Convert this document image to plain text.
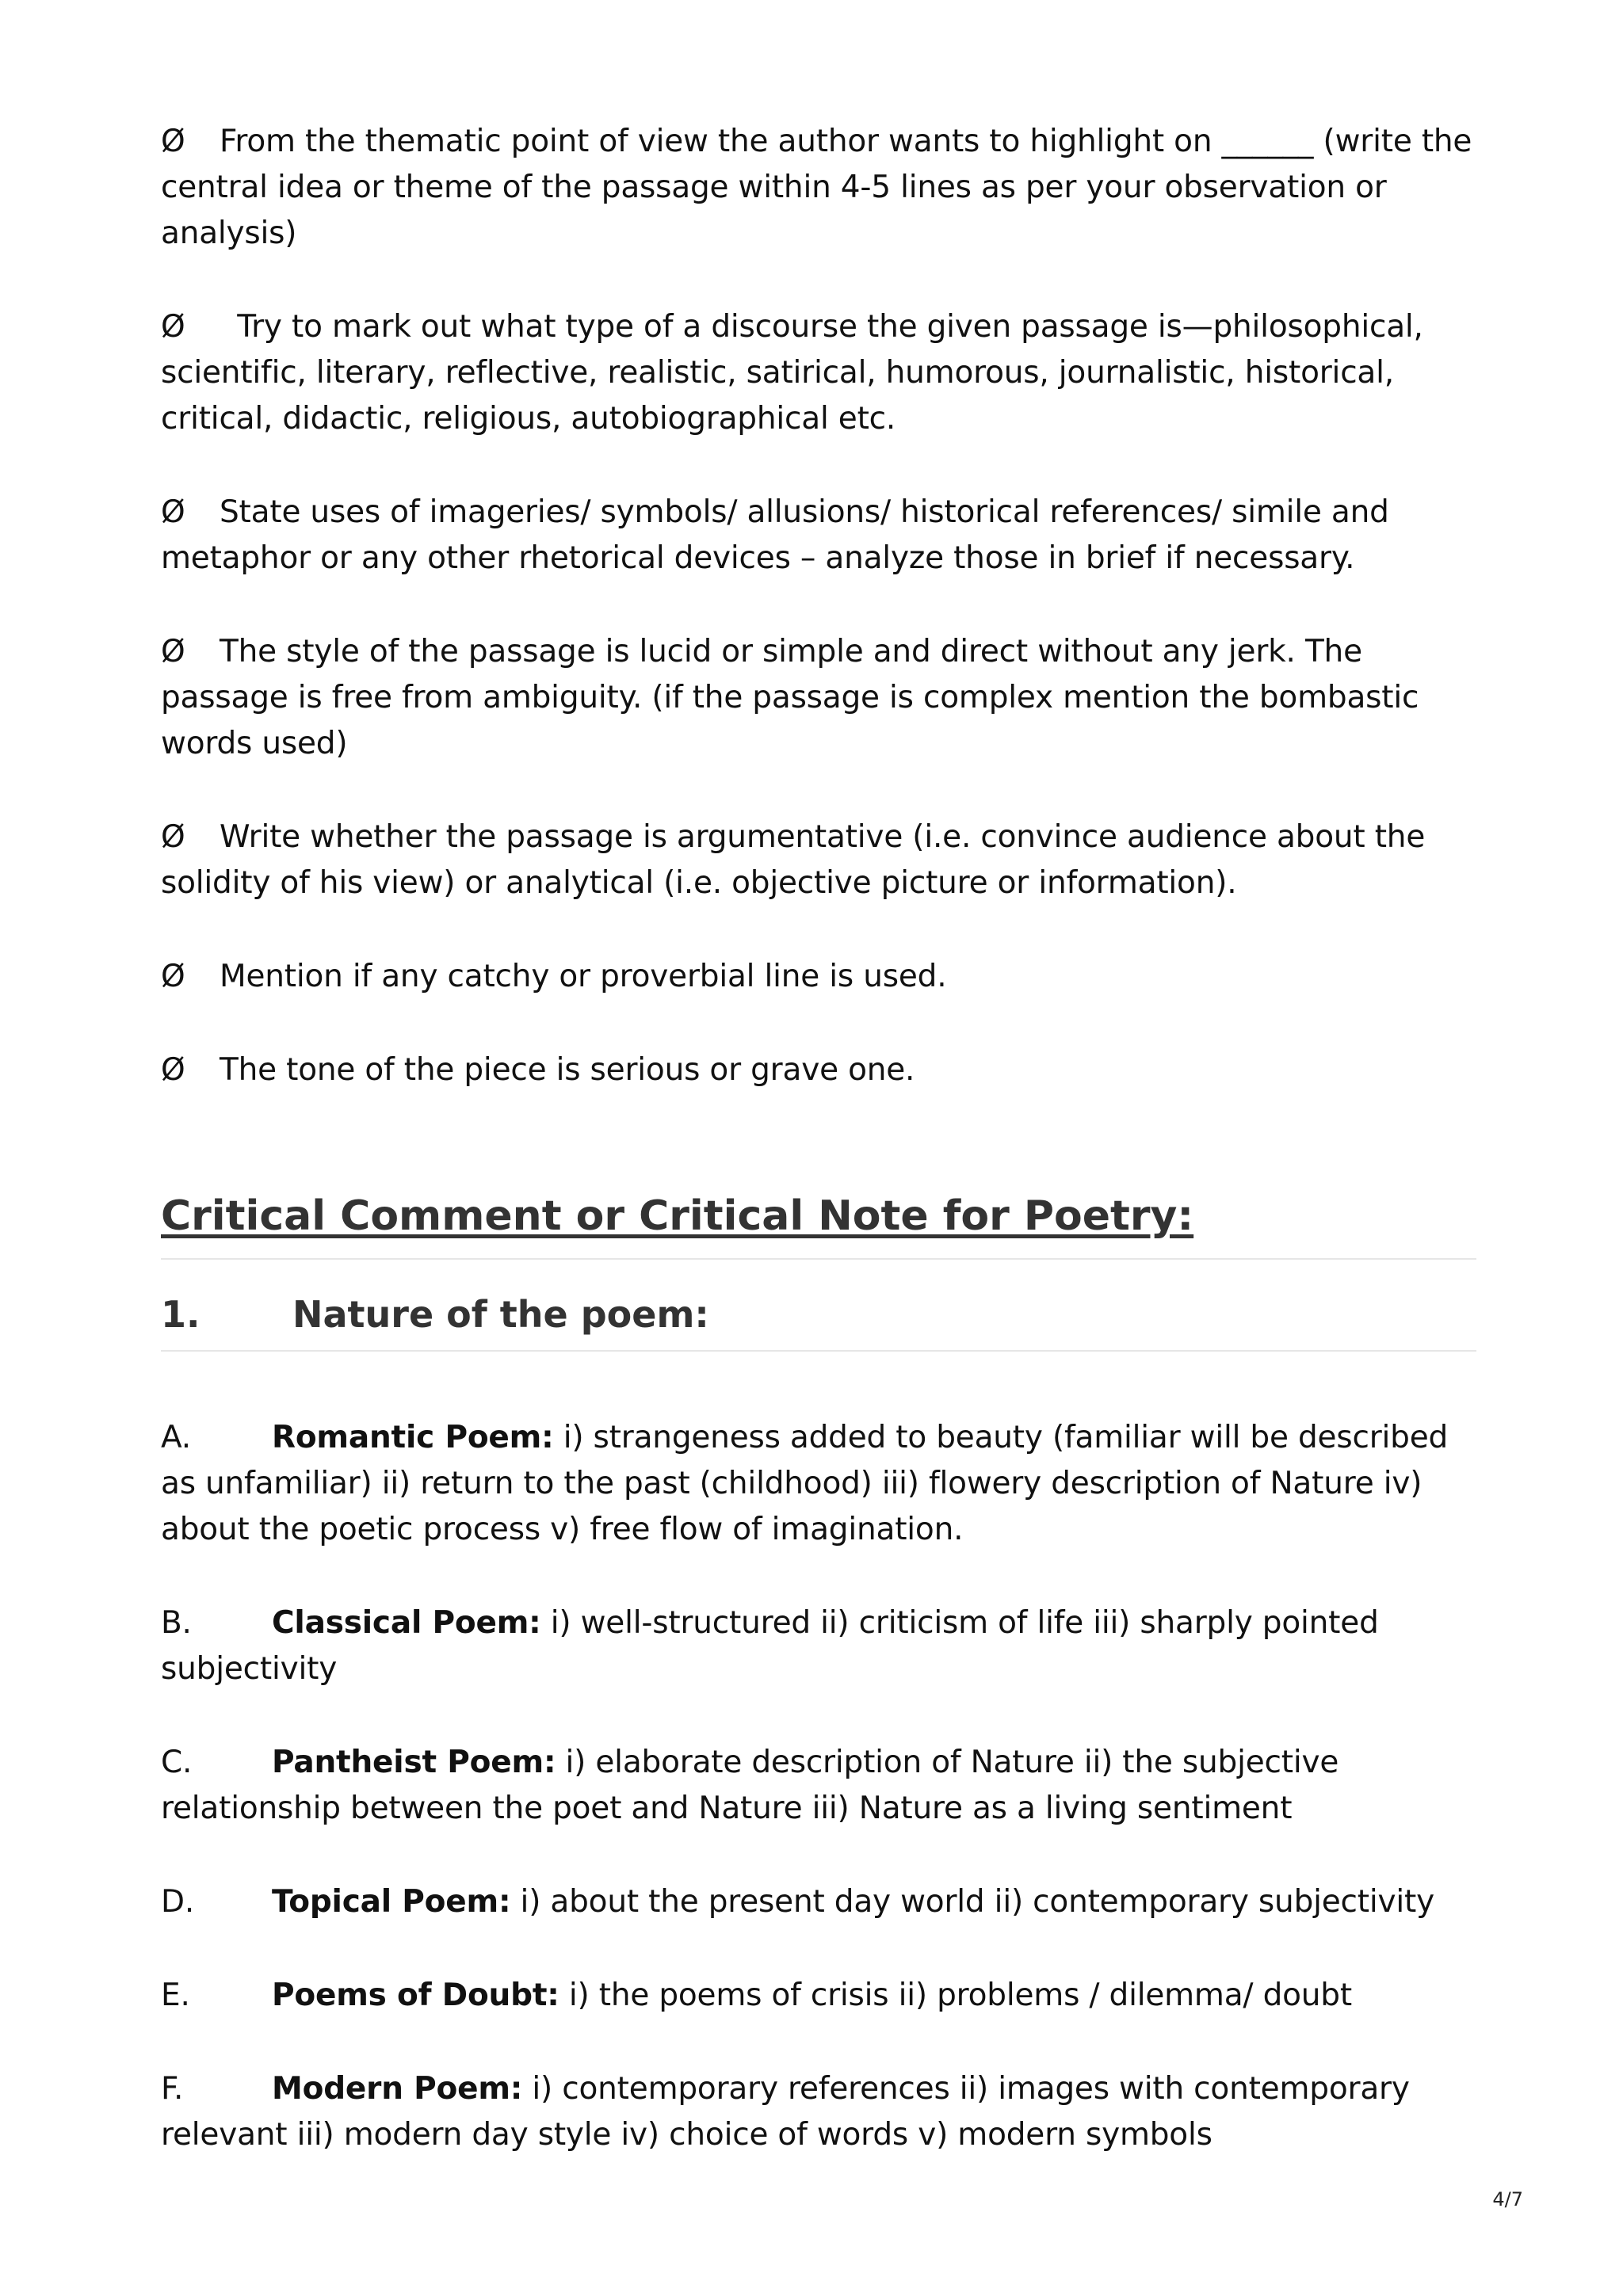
Ø From the thematic point of view the author wants to highlight on ______ (write the central idea or theme of the passage within 4-5 lines as per your observation or analysis)
Ø Try to mark out what type of a discourse the given passage is—philosophical, scientific, literary, reflective, realistic, satirical, humorous, journalistic, historical, critical, didactic, religious, autobiographical etc.
Ø State uses of imageries/ symbols/ allusions/ historical references/ simile and metaphor or any other rhetorical devices – analyze those in brief if necessary.
Ø The style of the passage is lucid or simple and direct without any jerk. The passage is free from ambiguity. (if the passage is complex mention the bombastic words used)
Ø Write whether the passage is argumentative (i.e. convince audience about the solidity of his view) or analytical (i.e. objective picture or information).
Ø Mention if any catchy or proverbial line is used.
Ø The tone of the piece is serious or grave one.
Critical Comment or Critical Note for Poetry:
1.	Nature of the poem:
A.	Romantic Poem: i) strangeness added to beauty (familiar will be described as unfamiliar) ii) return to the past (childhood) iii) flowery description of Nature iv) about the poetic process v) free flow of imagination.
B.	Classical Poem: i) well-structured ii) criticism of life iii) sharply pointed subjectivity
C.	Pantheist Poem: i) elaborate description of Nature ii) the subjective relationship between the poet and Nature iii) Nature as a living sentiment
D.	Topical Poem: i) about the present day world ii) contemporary subjectivity
E.	Poems of Doubt: i) the poems of crisis ii) problems / dilemma/ doubt
F.	Modern Poem: i) contemporary references ii) images with contemporary relevant iii) modern day style iv) choice of words v) modern symbols
4/7
